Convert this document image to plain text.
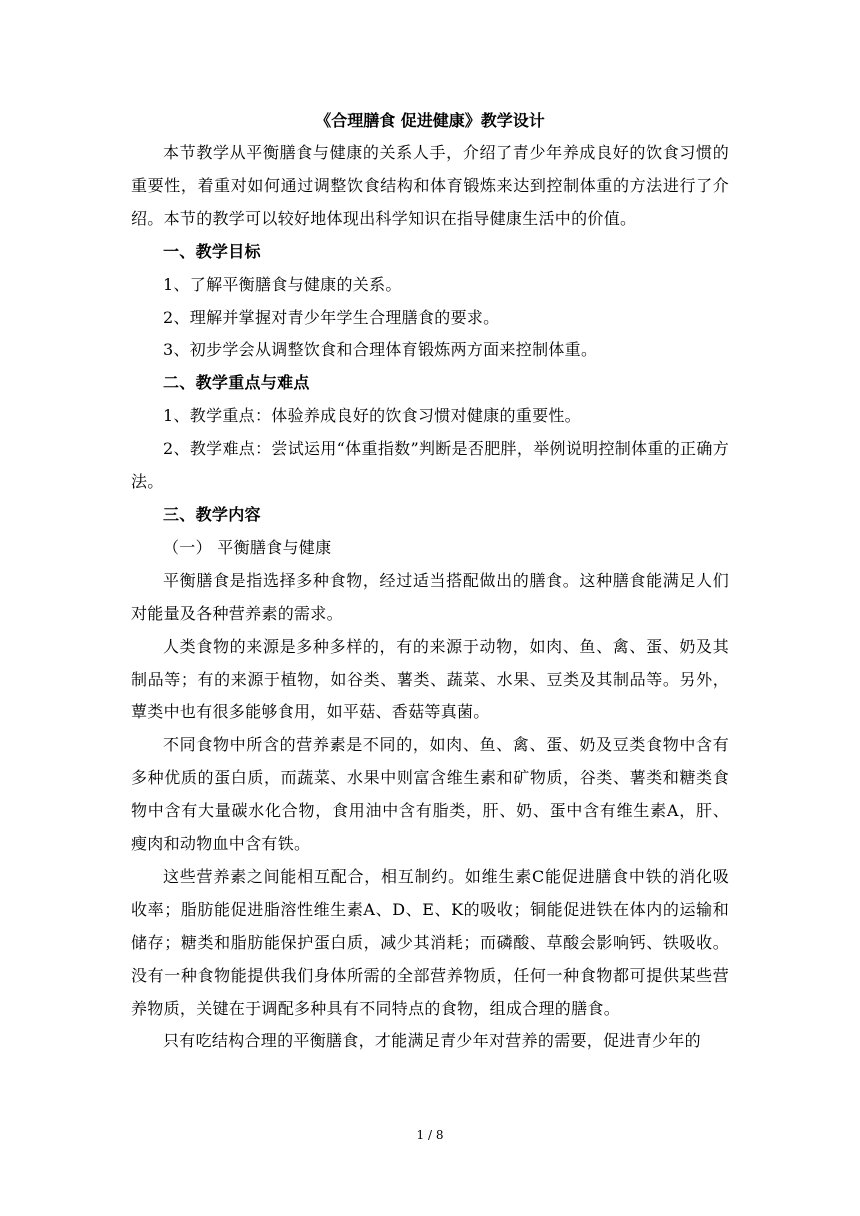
《合理膳食 促进健康》教学设计

本节教学从平衡膳食与健康的关系人手，介绍了青少年养成良好的饮食习惯的重要性，着重对如何通过调整饮食结构和体育锻炼来达到控制体重的方法进行了介绍。本节的教学可以较好地体现出科学知识在指导健康生活中的价值。

一、教学目标

1、了解平衡膳食与健康的关系。

2、理解并掌握对青少年学生合理膳食的要求。

3、初步学会从调整饮食和合理体育锻炼两方面来控制体重。

二、教学重点与难点

1、教学重点：体验养成良好的饮食习惯对健康的重要性。

2、教学难点：尝试运用“体重指数”判断是否肥胖，举例说明控制体重的正确方法。

三、教学内容

（一） 平衡膳食与健康

平衡膳食是指选择多种食物，经过适当搭配做出的膳食。这种膳食能满足人们对能量及各种营养素的需求。

人类食物的来源是多种多样的，有的来源于动物，如肉、鱼、禽、蛋、奶及其制品等；有的来源于植物，如谷类、薯类、蔬菜、水果、豆类及其制品等。另外，蕈类中也有很多能够食用，如平菇、香菇等真菌。

不同食物中所含的营养素是不同的，如肉、鱼、禽、蛋、奶及豆类食物中含有多种优质的蛋白质，而蔬菜、水果中则富含维生素和矿物质，谷类、薯类和糖类食物中含有大量碳水化合物，食用油中含有脂类，肝、奶、蛋中含有维生素A，肝、瘦肉和动物血中含有铁。

这些营养素之间能相互配合，相互制约。如维生素C能促进膳食中铁的消化吸收率；脂肪能促进脂溶性维生素A、D、E、K的吸收；铜能促进铁在体内的运输和储存；糖类和脂肪能保护蛋白质，减少其消耗；而磷酸、草酸会影响钙、铁吸收。没有一种食物能提供我们身体所需的全部营养物质，任何一种食物都可提供某些营养物质，关键在于调配多种具有不同特点的食物，组成合理的膳食。

只有吃结构合理的平衡膳食，才能满足青少年对营养的需要，促进青少年的

1 / 8
